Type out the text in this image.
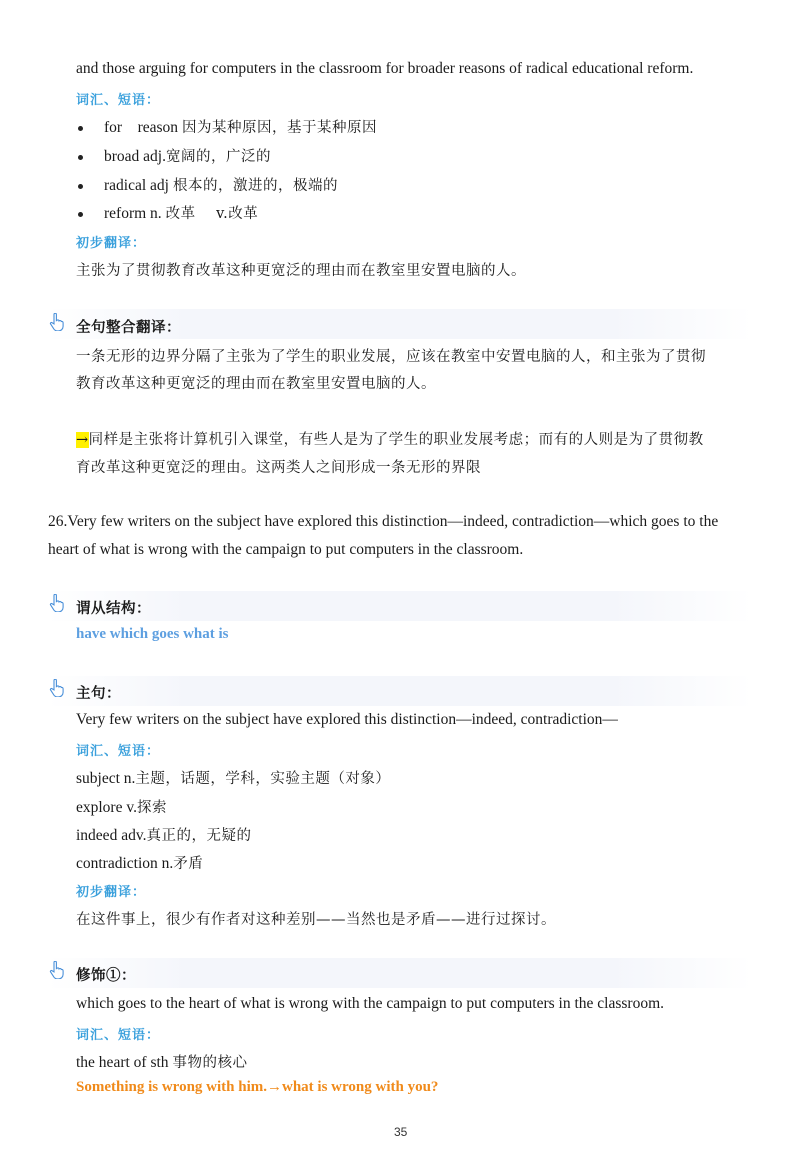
and those arguing for computers in the classroom for broader reasons of radical educational reform.
词汇、短语：
for    reason 因为某种原因，基于某种原因
broad adj.宽阔的，广泛的
radical adj 根本的，激进的，极端的
reform n. 改革    v.改革
初步翻译：
主张为了贯彻教育改革这种更宽泛的理由而在教室里安置电脑的人。
全句整合翻译：
一条无形的边界分隔了主张为了学生的职业发展，应该在教室中安置电脑的人，和主张为了贯彻
教育改革这种更宽泛的理由而在教室里安置电脑的人。
→同样是主张将计算机引入课堂，有些人是为了学生的职业发展考虑；而有的人则是为了贯彻教
育改革这种更宽泛的理由。这两类人之间形成一条无形的界限
26.Very few writers on the subject have explored this distinction—indeed, contradiction—which goes to the
heart of what is wrong with the campaign to put computers in the classroom.
谓从结构：
have which goes what is
主句：
Very few writers on the subject have explored this distinction—indeed, contradiction—
词汇、短语：
subject n.主题，话题，学科，实验主题（对象）
explore v.探索
indeed adv.真正的，无疑的
contradiction n.矛盾
初步翻译：
在这件事上，很少有作者对这种差别——当然也是矛盾——进行过探讨。
修饰①：
which goes to the heart of what is wrong with the campaign to put computers in the classroom.
词汇、短语：
the heart of sth 事物的核心
Something is wrong with him.→what is wrong with you?
35
